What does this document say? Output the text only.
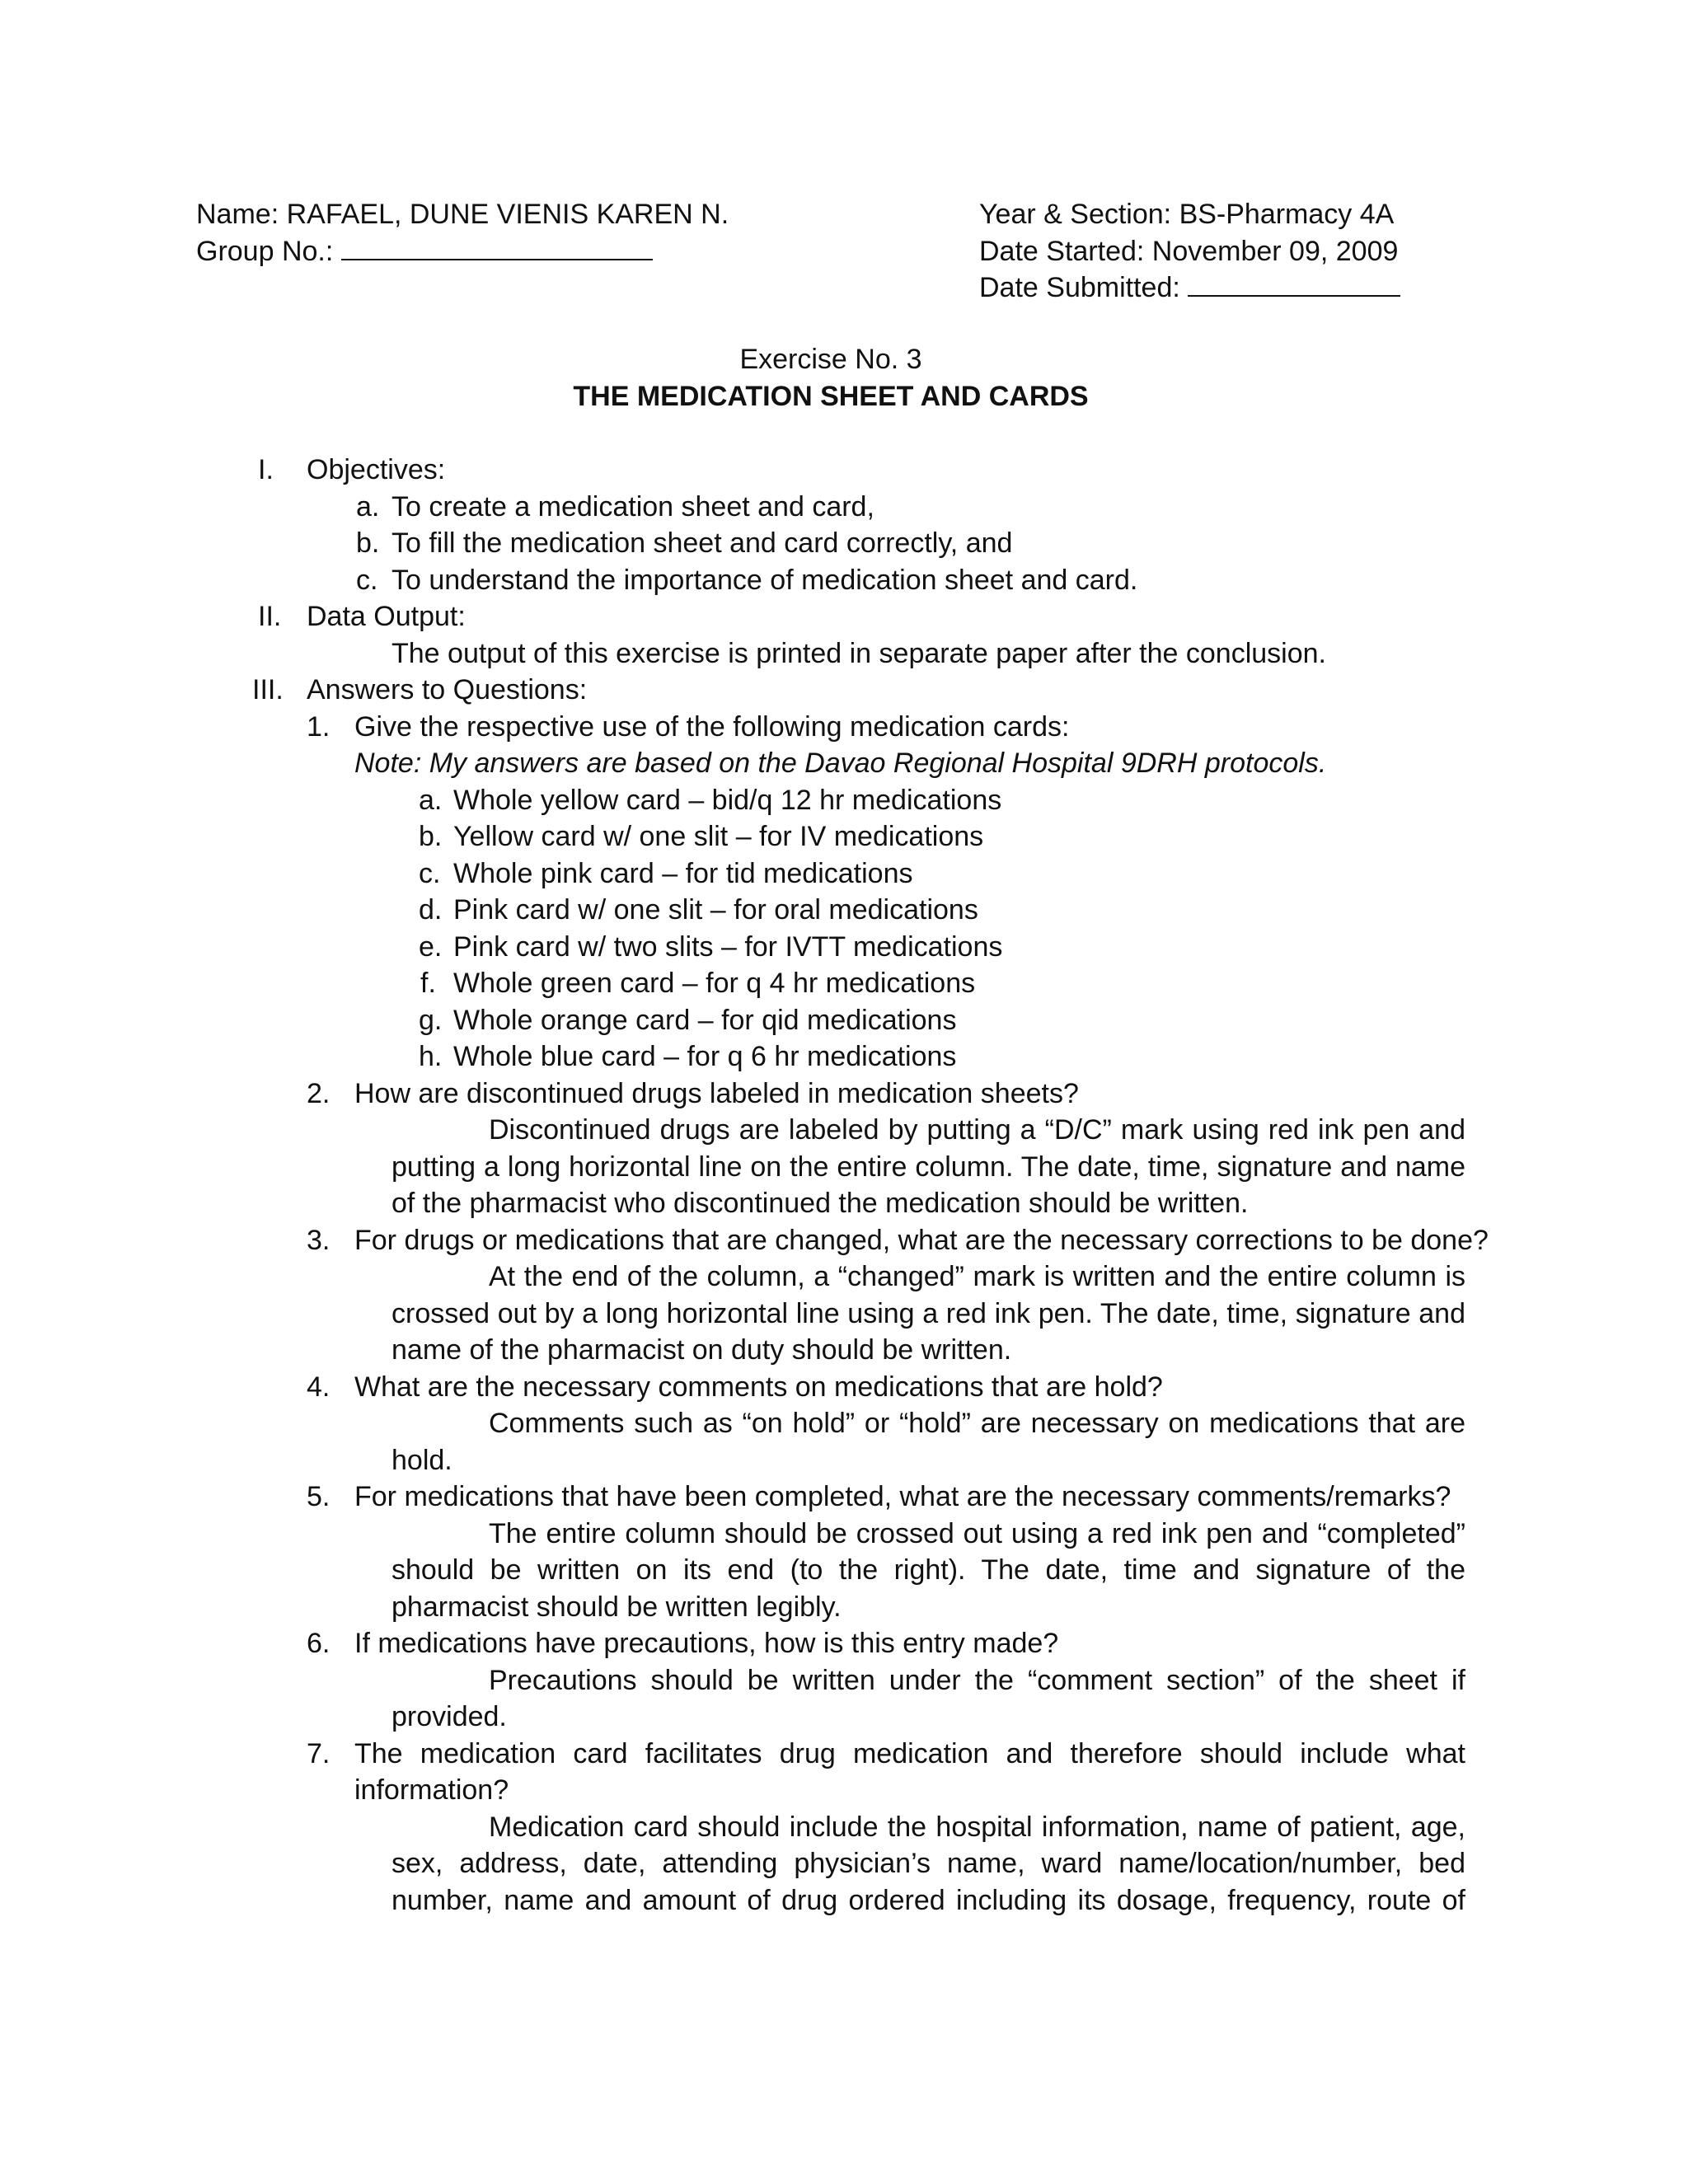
Name: RAFAEL, DUNE VIENIS KAREN N.
Group No.:
Year & Section: BS-Pharmacy 4A
Date Started: November 09, 2009
Date Submitted:
Exercise No. 3
THE MEDICATION SHEET AND CARDS
I. Objectives:
a. To create a medication sheet and card,
b. To fill the medication sheet and card correctly, and
c. To understand the importance of medication sheet and card.
II. Data Output:
The output of this exercise is printed in separate paper after the conclusion.
III. Answers to Questions:
1. Give the respective use of the following medication cards:
Note: My answers are based on the Davao Regional Hospital 9DRH protocols.
a. Whole yellow card – bid/q 12 hr medications
b. Yellow card w/ one slit – for IV medications
c. Whole pink card – for tid medications
d. Pink card w/ one slit – for oral medications
e. Pink card w/ two slits – for IVTT medications
f. Whole green card – for q 4 hr medications
g. Whole orange card – for qid medications
h. Whole blue card – for q 6 hr medications
2. How are discontinued drugs labeled in medication sheets?
Discontinued drugs are labeled by putting a “D/C” mark using red ink pen and
putting a long horizontal line on the entire column. The date, time, signature and name
of the pharmacist who discontinued the medication should be written.
3. For drugs or medications that are changed, what are the necessary corrections to be done?
At the end of the column, a “changed” mark is written and the entire column is
crossed out by a long horizontal line using a red ink pen. The date, time, signature and
name of the pharmacist on duty should be written.
4. What are the necessary comments on medications that are hold?
Comments such as “on hold” or “hold” are necessary on medications that are
hold.
5. For medications that have been completed, what are the necessary comments/remarks?
The entire column should be crossed out using a red ink pen and “completed”
should be written on its end (to the right). The date, time and signature of the
pharmacist should be written legibly.
6. If medications have precautions, how is this entry made?
Precautions should be written under the “comment section” of the sheet if
provided.
7. The medication card facilitates drug medication and therefore should include what
information?
Medication card should include the hospital information, name of patient, age,
sex, address, date, attending physician’s name, ward name/location/number, bed
number, name and amount of drug ordered including its dosage, frequency, route of
